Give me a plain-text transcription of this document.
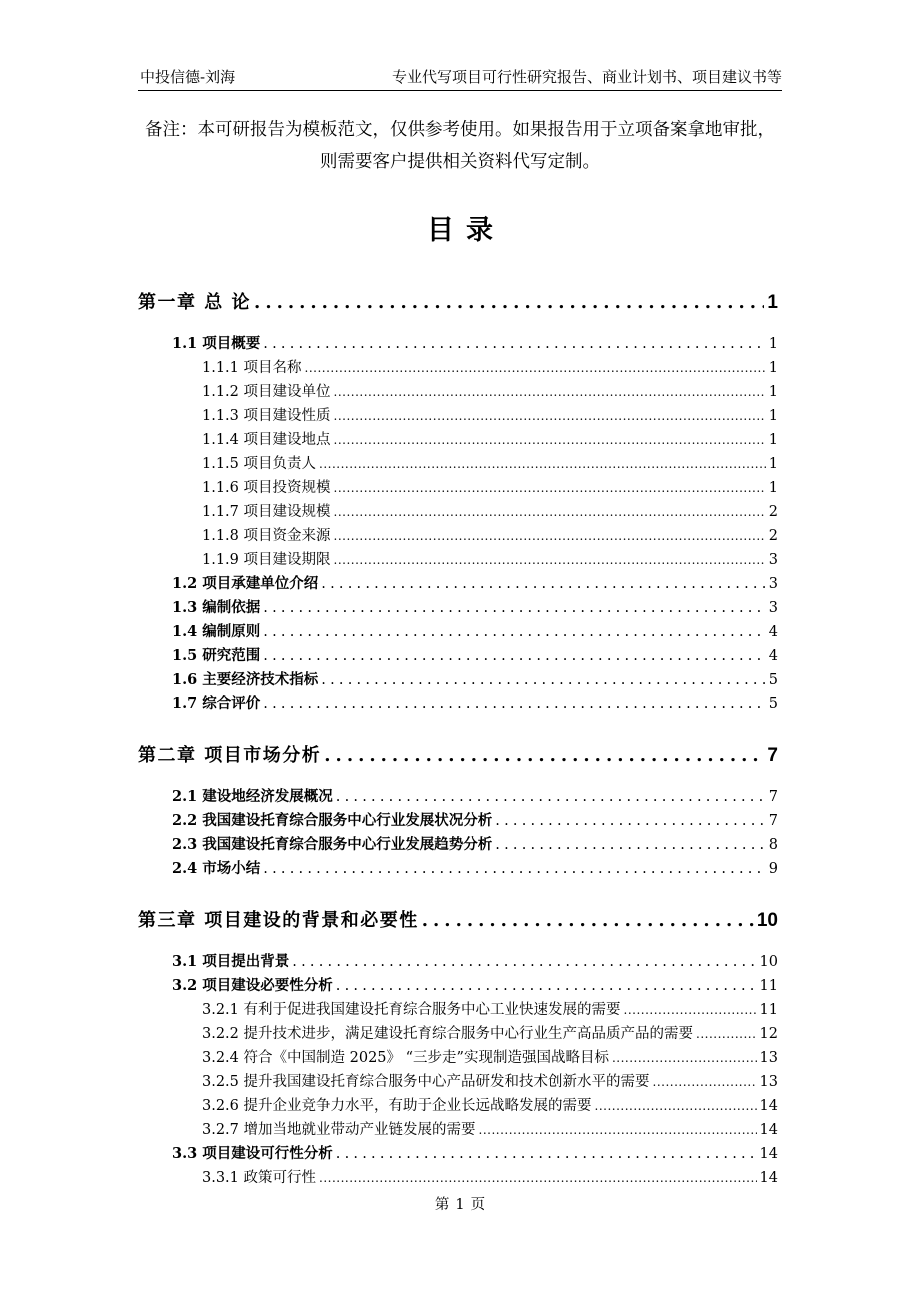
中投信德-刘海	专业代写项目可行性研究报告、商业计划书、项目建议书等
备注：本可研报告为模板范文，仅供参考使用。如果报告用于立项备案拿地审批，
则需要客户提供相关资料代写定制。
目录
第一章 总 论 .....	1
1.1 项目概要 .....	1
1.1.1 项目名称 .....	1
1.1.2 项目建设单位 .....	1
1.1.3 项目建设性质 .....	1
1.1.4 项目建设地点 .....	1
1.1.5 项目负责人 .....	1
1.1.6 项目投资规模 .....	1
1.1.7 项目建设规模 .....	2
1.1.8 项目资金来源 .....	2
1.1.9 项目建设期限 .....	3
1.2 项目承建单位介绍 .....	3
1.3 编制依据 .....	3
1.4 编制原则 .....	4
1.5 研究范围 .....	4
1.6 主要经济技术指标 .....	5
1.7 综合评价 .....	5
第二章 项目市场分析 .....	7
2.1 建设地经济发展概况 .....	7
2.2 我国建设托育综合服务中心行业发展状况分析 .....	7
2.3 我国建设托育综合服务中心行业发展趋势分析 .....	8
2.4 市场小结 .....	9
第三章 项目建设的背景和必要性 .....	10
3.1 项目提出背景 .....	10
3.2 项目建设必要性分析 .....	11
3.2.1 有利于促进我国建设托育综合服务中心工业快速发展的需要 .....	11
3.2.2 提升技术进步，满足建设托育综合服务中心行业生产高品质产品的需要 .....	12
3.2.4 符合《中国制造 2025》 “三步走”实现制造强国战略目标 .....	13
3.2.5 提升我国建设托育综合服务中心产品研发和技术创新水平的需要 .....	13
3.2.6 提升企业竞争力水平，有助于企业长远战略发展的需要 .....	14
3.2.7 增加当地就业带动产业链发展的需要 .....	14
3.3 项目建设可行性分析 .....	14
3.3.1 政策可行性 .....	14
第 1 页
